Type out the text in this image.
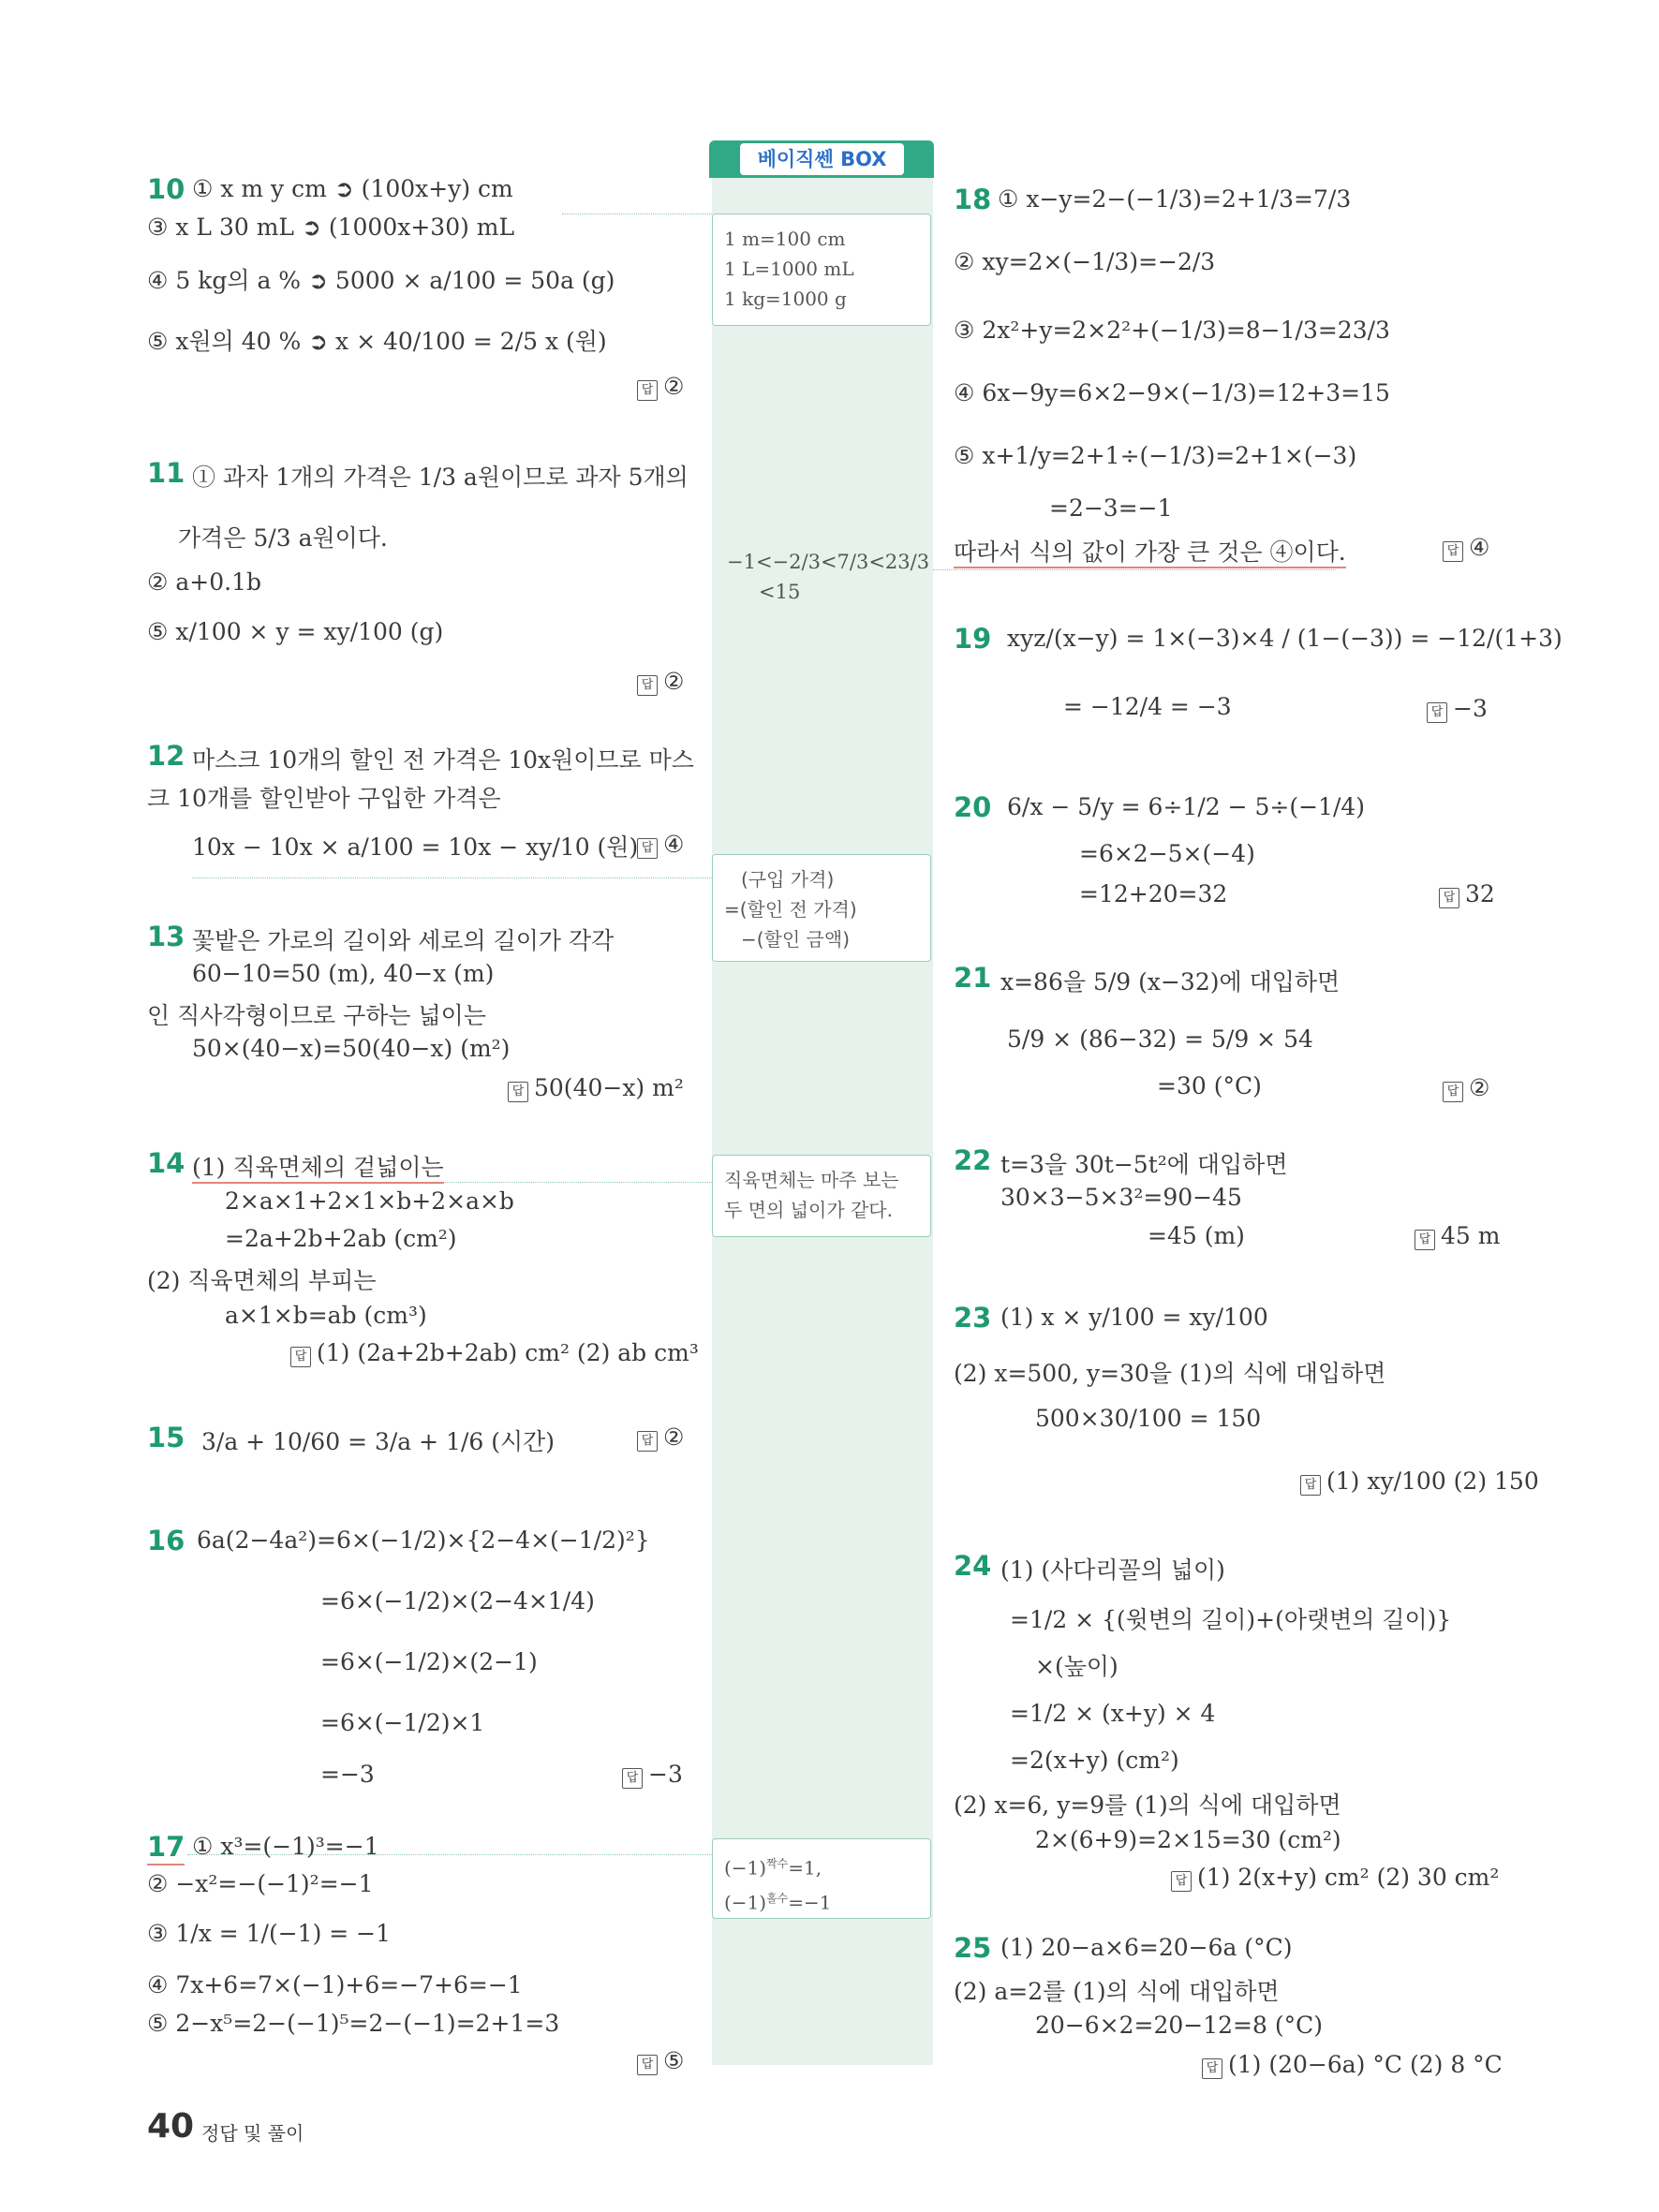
베이직쎈 BOX
1 m=100 cm
1 L=1000 mL
1 kg=1000 g
−1<−2/3<7/3<23/3
<15
(구입 가격)
=(할인 전 가격)
−(할인 금액)
직육면체는 마주 보는
두 면의 넓이가 같다.
$(-1)^{짝수}=1$,
$(-1)^{홀수}=-1$
10 ① x m y cm ➲ (100x+y) cm
③ x L 30 mL ➲ (1000x+30) mL
④ 5 kg의 a % ➲ 5000 × a/100 = 50a (g)
⑤ x원의 40 % ➲ x × 40/100 = 2/5 x (원)
답 ②
11 ① 과자 1개의 가격은 1/3 a원이므로 과자 5개의
가격은 5/3 a원이다.
② a+0.1b
⑤ x/100 × y = xy/100 (g)
답 ②
12 마스크 10개의 할인 전 가격은 10x원이므로 마스
크 10개를 할인받아 구입한 가격은
10x − 10x × a/100 = 10x − xy/10 (원) 답 ④
13 꽃밭은 가로의 길이와 세로의 길이가 각각
60−10=50 (m), 40−x (m)
인 직사각형이므로 구하는 넓이는
50×(40−x)=50(40−x) (m²)
답 50(40−x) m²
14 (1) 직육면체의 겉넓이는
2×a×1+2×1×b+2×a×b
=2a+2b+2ab (cm²)
(2) 직육면체의 부피는
a×1×b=ab (cm³)
답 (1) (2a+2b+2ab) cm² (2) ab cm³
15 3/a + 10/60 = 3/a + 1/6 (시간)	답 ②
16 6a(2−4a²)=6×(−1/2)×{2−4×(−1/2)²}
=6×(−1/2)×(2−4×1/4)
=6×(−1/2)×(2−1)
=6×(−1/2)×1
=−3	답 −3
17 ① x³=(−1)³=−1
② −x²=−(−1)²=−1
③ 1/x = 1/(−1) = −1
④ 7x+6=7×(−1)+6=−7+6=−1
⑤ 2−x⁵=2−(−1)⁵=2−(−1)=2+1=3
답 ⑤
18 ① x−y=2−(−1/3)=2+1/3=7/3
② xy=2×(−1/3)=−2/3
③ 2x²+y=2×2²+(−1/3)=8−1/3=23/3
④ 6x−9y=6×2−9×(−1/3)=12+3=15
⑤ x+1/y=2+1÷(−1/3)=2+1×(−3)
=2−3=−1
따라서 식의 값이 가장 큰 것은 ④이다.	답 ④
19 xyz/(x−y) = 1×(−3)×4 / (1−(−3)) = −12/(1+3)
= −12/4 = −3	답 −3
20 6/x − 5/y = 6÷1/2 − 5÷(−1/4)
=6×2−5×(−4)
=12+20=32	답 32
21 x=86을 5/9 (x−32)에 대입하면
5/9 × (86−32) = 5/9 × 54
=30 (°C)	답 ②
22 t=3을 30t−5t²에 대입하면
30×3−5×3²=90−45
=45 (m)	답 45 m
23 (1) x × y/100 = xy/100
(2) x=500, y=30을 (1)의 식에 대입하면
500×30/100 = 150
답 (1) xy/100 (2) 150
24 (1) (사다리꼴의 넓이)
=1/2 × {(윗변의 길이)+(아랫변의 길이)}
×(높이)
=1/2 × (x+y) × 4
=2(x+y) (cm²)
(2) x=6, y=9를 (1)의 식에 대입하면
2×(6+9)=2×15=30 (cm²)
답 (1) 2(x+y) cm² (2) 30 cm²
25 (1) 20−a×6=20−6a (°C)
(2) a=2를 (1)의 식에 대입하면
20−6×2=20−12=8 (°C)
답 (1) (20−6a) °C (2) 8 °C
40 정답 및 풀이
